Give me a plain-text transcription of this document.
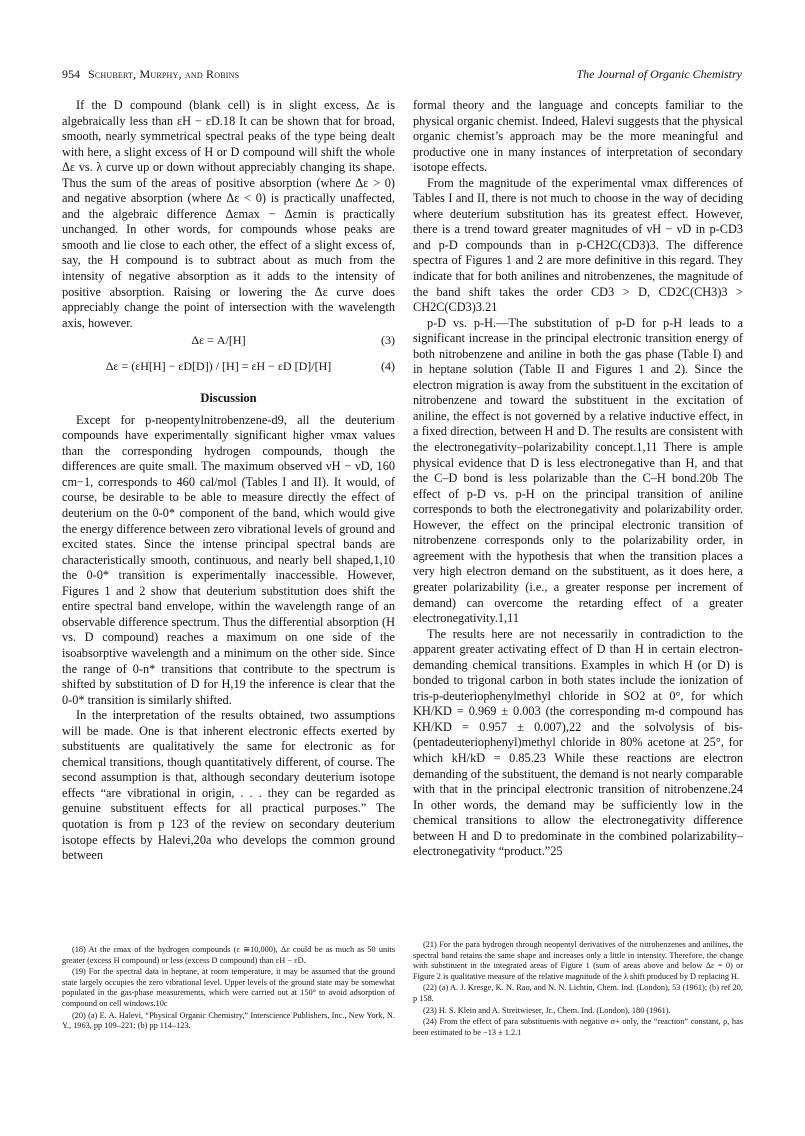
954 Schubert, Murphy, and Robins	The Journal of Organic Chemistry

If the D compound (blank cell) is in slight excess, Δε is algebraically less than εH − εD.18 It can be shown that for broad, smooth, nearly symmetrical spectral peaks of the type being dealt with here, a slight excess of H or D compound will shift the whole Δε vs. λ curve up or down without appreciably changing its shape. Thus the sum of the areas of positive absorption (where Δε > 0) and negative absorption (where Δε < 0) is practically unaffected, and the algebraic difference Δεmax − Δεmin is practically unchanged. In other words, for compounds whose peaks are smooth and lie close to each other, the effect of a slight excess of, say, the H compound is to subtract about as much from the intensity of negative absorption as it adds to the intensity of positive absorption. Raising or lowering the Δε curve does appreciably change the point of intersection with the wavelength axis, however.

Δε = A/[H]	(3)
Δε = (εH[H] − εD[D]) / [H] = εH − εD [D]/[H]	(4)
Discussion

Except for p-neopentylnitrobenzene-d9, all the deuterium compounds have experimentally significant higher νmax values than the corresponding hydrogen compounds, though the differences are quite small. The maximum observed νH − νD, 160 cm−1, corresponds to 460 cal/mol (Tables I and II). It would, of course, be desirable to be able to measure directly the effect of deuterium on the 0-0* component of the band, which would give the energy difference between zero vibrational levels of ground and excited states. Since the intense principal spectral bands are characteristically smooth, continuous, and nearly bell shaped,1,10 the 0-0* transition is experimentally inaccessible. However, Figures 1 and 2 show that deuterium substitution does shift the entire spectral band envelope, within the wavelength range of an observable difference spectrum. Thus the differential absorption (H vs. D compound) reaches a maximum on one side of the isoabsorptive wavelength and a minimum on the other side. Since the range of 0-n* transitions that contribute to the spectrum is shifted by substitution of D for H,19 the inference is clear that the 0-0* transition is similarly shifted.

In the interpretation of the results obtained, two assumptions will be made. One is that inherent electronic effects exerted by substituents are qualitatively the same for electronic as for chemical transitions, though quantitatively different, of course. The second assumption is that, although secondary deuterium isotope effects “are vibrational in origin, . . . they can be regarded as genuine substituent effects for all practical purposes.” The quotation is from p 123 of the review on secondary deuterium isotope effects by Halevi,20a who develops the common ground between

formal theory and the language and concepts familiar to the physical organic chemist. Indeed, Halevi suggests that the physical organic chemist’s approach may be the more meaningful and productive one in many instances of interpretation of secondary isotope effects.

From the magnitude of the experimental νmax differences of Tables I and II, there is not much to choose in the way of deciding where deuterium substitution has its greatest effect. However, there is a trend toward greater magnitudes of νH − νD in p-CD3 and p-D compounds than in p-CH2C(CD3)3. The difference spectra of Figures 1 and 2 are more definitive in this regard. They indicate that for both anilines and nitrobenzenes, the magnitude of the band shift takes the order CD3 > D, CD2C(CH3)3 > CH2C(CD3)3.21

p-D vs. p-H.—The substitution of p-D for p-H leads to a significant increase in the principal electronic transition energy of both nitrobenzene and aniline in both the gas phase (Table I) and in heptane solution (Table II and Figures 1 and 2). Since the electron migration is away from the substituent in the excitation of nitrobenzene and toward the substituent in the excitation of aniline, the effect is not governed by a relative inductive effect, in a fixed direction, between H and D. The results are consistent with the electronegativity–polarizability concept.1,11 There is ample physical evidence that D is less electronegative than H, and that the C–D bond is less polarizable than the C–H bond.20b The effect of p-D vs. p-H on the principal transition of aniline corresponds to both the electronegativity and polarizability order. However, the effect on the principal electronic transition of nitrobenzene corresponds only to the polarizability order, in agreement with the hypothesis that when the transition places a very high electron demand on the substituent, as it does here, a greater polarizability (i.e., a greater response per increment of demand) can overcome the retarding effect of a greater electronegativity.1,11

The results here are not necessarily in contradiction to the apparent greater activating effect of D than H in certain electron-demanding chemical transitions. Examples in which H (or D) is bonded to trigonal carbon in both states include the ionization of tris-p-deuteriophenylmethyl chloride in SO2 at 0°, for which KH/KD = 0.969 ± 0.003 (the corresponding m-d compound has KH/KD = 0.957 ± 0.007),22 and the solvolysis of bis-(pentadeuteriophenyl)methyl chloride in 80% acetone at 25°, for which kH/kD = 0.85.23 While these reactions are electron demanding of the substituent, the demand is not nearly comparable with that in the principal electronic transition of nitrobenzene.24 In other words, the demand may be sufficiently low in the chemical transitions to allow the electronegativity difference between H and D to predominate in the combined polarizability–electronegativity “product.”25

(18) At the εmax of the hydrogen compounds (ε ≅10,000), Δε could be as much as 50 units greater (excess H compound) or less (excess D compound) than εH − εD.

(19) For the spectral data in heptane, at room temperature, it may be assumed that the ground state largely occupies the zero vibrational level. Upper levels of the ground state may be somewhat populated in the gas-phase measurements, which were carried out at 150° to avoid adsorption of compound on cell windows.10c

(20) (a) E. A. Halevi, “Physical Organic Chemistry,” Interscience Publishers, Inc., New York, N. Y., 1963, pp 109–221; (b) pp 114–123.

(21) For the para hydrogen through neopentyl derivatives of the nitrobenzenes and anilines, the spectral band retains the same shape and increases only a little in intensity. Therefore, the change with substituent in the integrated areas of Figure 1 (sum of areas above and below Δε = 0) or Figure 2 is qualitative measure of the relative magnitude of the λ shift produced by D replacing H.

(22) (a) A. J. Kresge, K. N. Rao, and N. N. Lichtin, Chem. Ind. (London), 53 (1961); (b) ref 20, p 158.

(23) H. S. Klein and A. Streitwieser, Jr., Chem. Ind. (London), 180 (1961).

(24) From the effect of para substituents with negative σ+ only, the “reaction” constant, ρ, has been estimated to be −13 ± 1.2.1
